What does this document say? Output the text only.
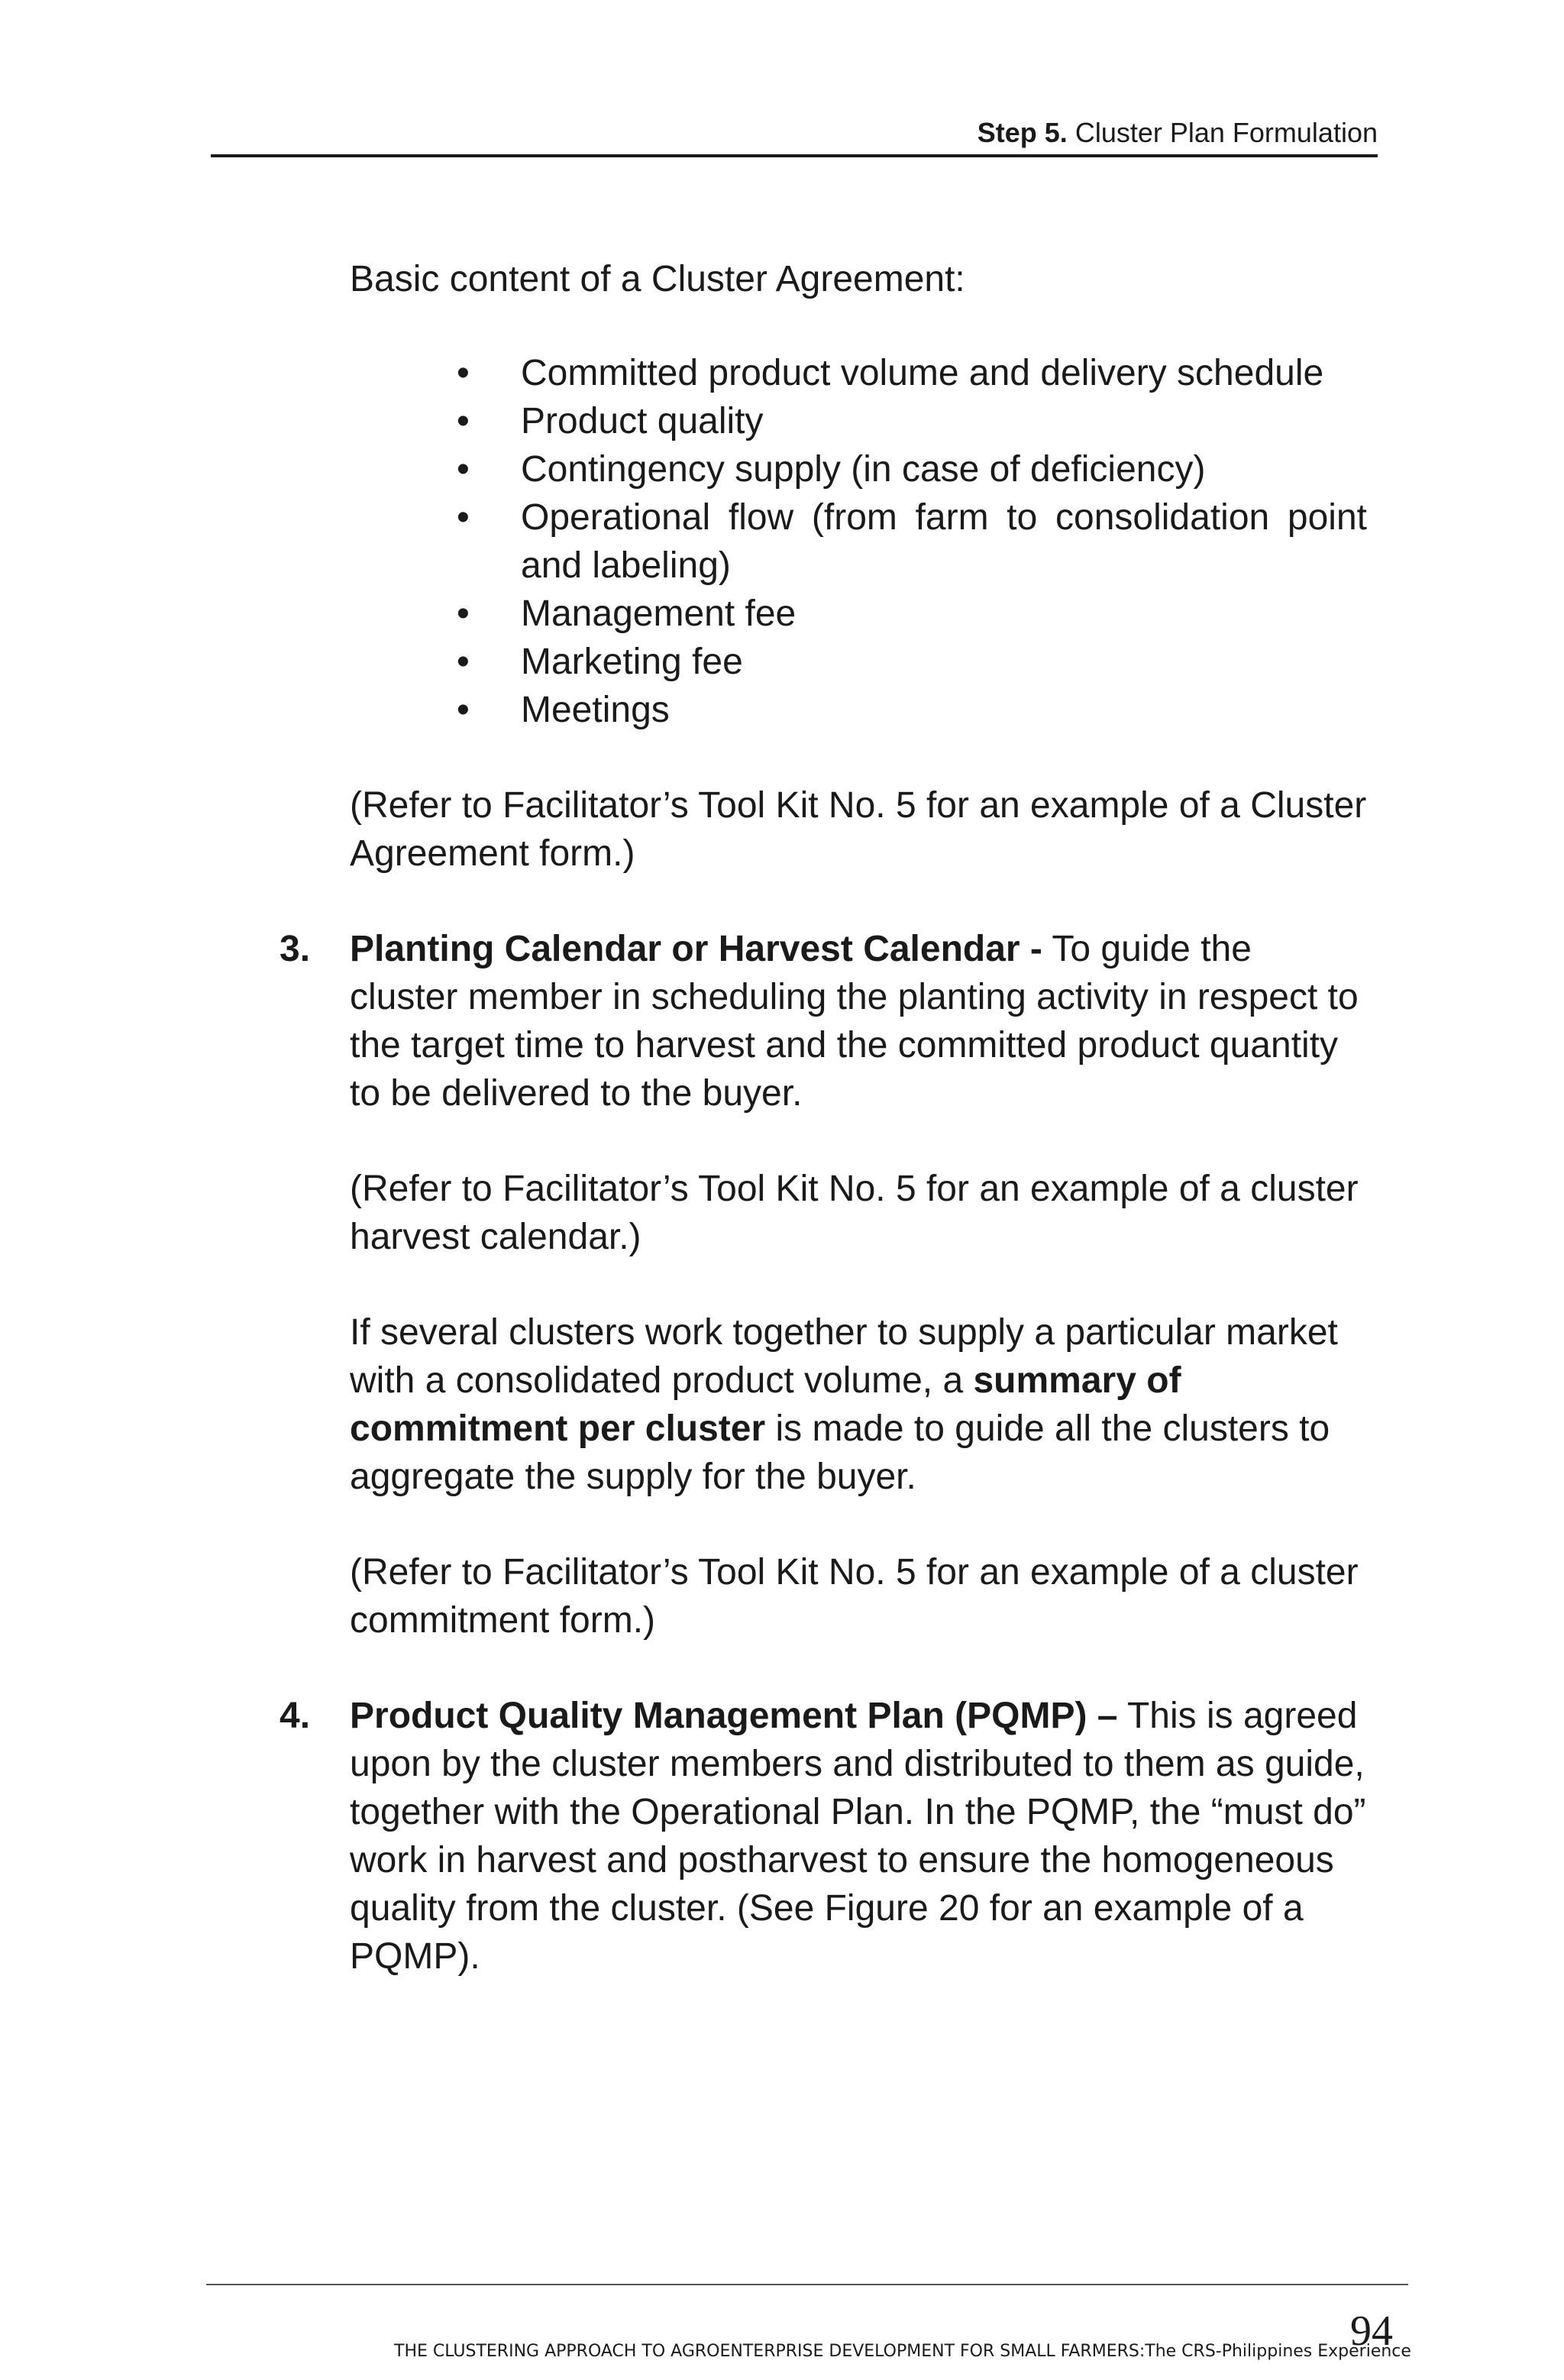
Step 5. Cluster Plan Formulation

Basic content of a Cluster Agreement:

• Committed product volume and delivery schedule
• Product quality
• Contingency supply (in case of deficiency)
• Operational flow (from farm to consolidation point and labeling)
• Management fee
• Marketing fee
• Meetings

(Refer to Facilitator’s Tool Kit No. 5 for an example of a Cluster Agreement form.)

3. Planting Calendar or Harvest Calendar - To guide the cluster member in scheduling the planting activity in respect to the target time to harvest and the committed product quantity to be delivered to the buyer.

(Refer to Facilitator’s Tool Kit No. 5 for an example of a cluster harvest calendar.)

If several clusters work together to supply a particular market with a consolidated product volume, a summary of commitment per cluster is made to guide all the clusters to aggregate the supply for the buyer.

(Refer to Facilitator’s Tool Kit No. 5 for an example of a cluster commitment form.)

4. Product Quality Management Plan (PQMP) – This is agreed upon by the cluster members and distributed to them as guide, together with the Operational Plan. In the PQMP, the “must do” work in harvest and postharvest to ensure the homogeneous quality from the cluster. (See Figure 20 for an example of a PQMP).

THE CLUSTERING APPROACH TO AGROENTERPRISE DEVELOPMENT FOR SMALL FARMERS:The CRS-Philippines Experience
94
